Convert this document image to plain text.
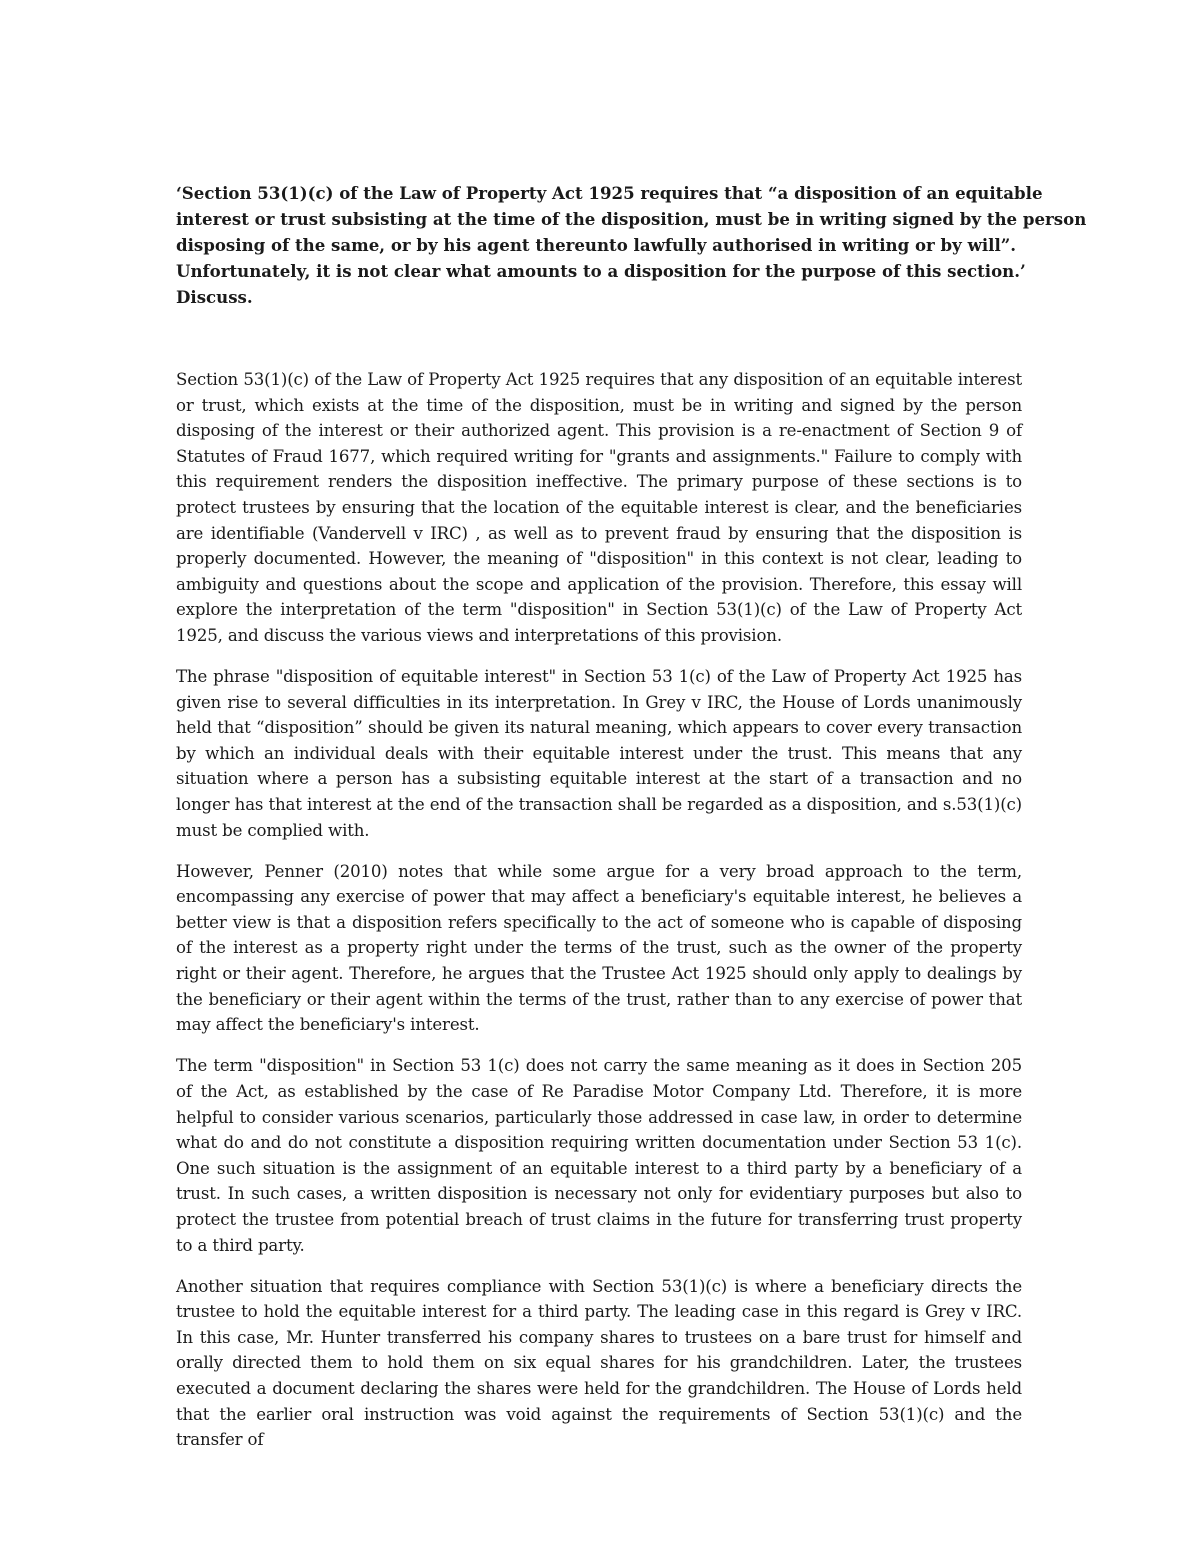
‘Section 53(1)(c) of the Law of Property Act 1925 requires that “a disposition of an equitable
interest or trust subsisting at the time of the disposition, must be in writing signed by the person
disposing of the same, or by his agent thereunto lawfully authorised in writing or by will”.
Unfortunately, it is not clear what amounts to a disposition for the purpose of this section.’
Discuss.

Section 53(1)(c) of the Law of Property Act 1925 requires that any disposition of an equitable interest or trust, which exists at the time of the disposition, must be in writing and signed by the person disposing of the interest or their authorized agent. This provision is a re-enactment of Section 9 of Statutes of Fraud 1677, which required writing for "grants and assignments." Failure to comply with this requirement renders the disposition ineffective. The primary purpose of these sections is to protect trustees by ensuring that the location of the equitable interest is clear, and the beneficiaries are identifiable (Vandervell v IRC) , as well as to prevent fraud by ensuring that the disposition is properly documented. However, the meaning of "disposition" in this context is not clear, leading to ambiguity and questions about the scope and application of the provision. Therefore, this essay will explore the interpretation of the term "disposition" in Section 53(1)(c) of the Law of Property Act 1925, and discuss the various views and interpretations of this provision.

The phrase "disposition of equitable interest" in Section 53 1(c) of the Law of Property Act 1925 has given rise to several difficulties in its interpretation. In Grey v IRC, the House of Lords unanimously held that “disposition” should be given its natural meaning, which appears to cover every transaction by which an individual deals with their equitable interest under the trust. This means that any situation where a person has a subsisting equitable interest at the start of a transaction and no longer has that interest at the end of the transaction shall be regarded as a disposition, and s.53(1)(c) must be complied with.

However, Penner (2010) notes that while some argue for a very broad approach to the term, encompassing any exercise of power that may affect a beneficiary's equitable interest, he believes a better view is that a disposition refers specifically to the act of someone who is capable of disposing of the interest as a property right under the terms of the trust, such as the owner of the property right or their agent. Therefore, he argues that the Trustee Act 1925 should only apply to dealings by the beneficiary or their agent within the terms of the trust, rather than to any exercise of power that may affect the beneficiary's interest.

The term "disposition" in Section 53 1(c) does not carry the same meaning as it does in Section 205 of the Act, as established by the case of Re Paradise Motor Company Ltd. Therefore, it is more helpful to consider various scenarios, particularly those addressed in case law, in order to determine what do and do not constitute a disposition requiring written documentation under Section 53 1(c). One such situation is the assignment of an equitable interest to a third party by a beneficiary of a trust. In such cases, a written disposition is necessary not only for evidentiary purposes but also to protect the trustee from potential breach of trust claims in the future for transferring trust property to a third party.

Another situation that requires compliance with Section 53(1)(c) is where a beneficiary directs the trustee to hold the equitable interest for a third party. The leading case in this regard is Grey v IRC. In this case, Mr. Hunter transferred his company shares to trustees on a bare trust for himself and orally directed them to hold them on six equal shares for his grandchildren. Later, the trustees executed a document declaring the shares were held for the grandchildren. The House of Lords held that the earlier oral instruction was void against the requirements of Section 53(1)(c) and the transfer of
